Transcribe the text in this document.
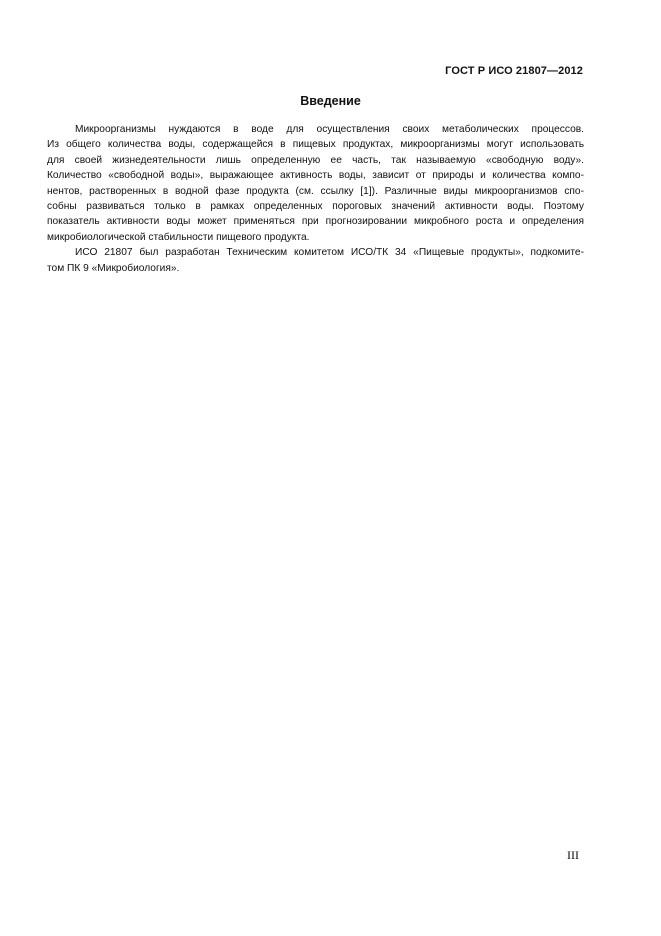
ГОСТ Р ИСО 21807—2012
Введение
Микроорганизмы нуждаются в воде для осуществления своих метаболических процессов.
Из общего количества воды, содержащейся в пищевых продуктах, микроорганизмы могут использовать
для своей жизнедеятельности лишь определенную ее часть, так называемую «свободную воду».
Количество «свободной воды», выражающее активность воды, зависит от природы и количества компо-
нентов, растворенных в водной фазе продукта (см. ссылку [1]). Различные виды микроорганизмов спо-
собны развиваться только в рамках определенных пороговых значений активности воды. Поэтому
показатель активности воды может применяться при прогнозировании микробного роста и определения
микробиологической стабильности пищевого продукта.
ИСО 21807 был разработан Техническим комитетом ИСО/ТК 34 «Пищевые продукты», подкомите-
том ПК 9 «Микробиология».
III
